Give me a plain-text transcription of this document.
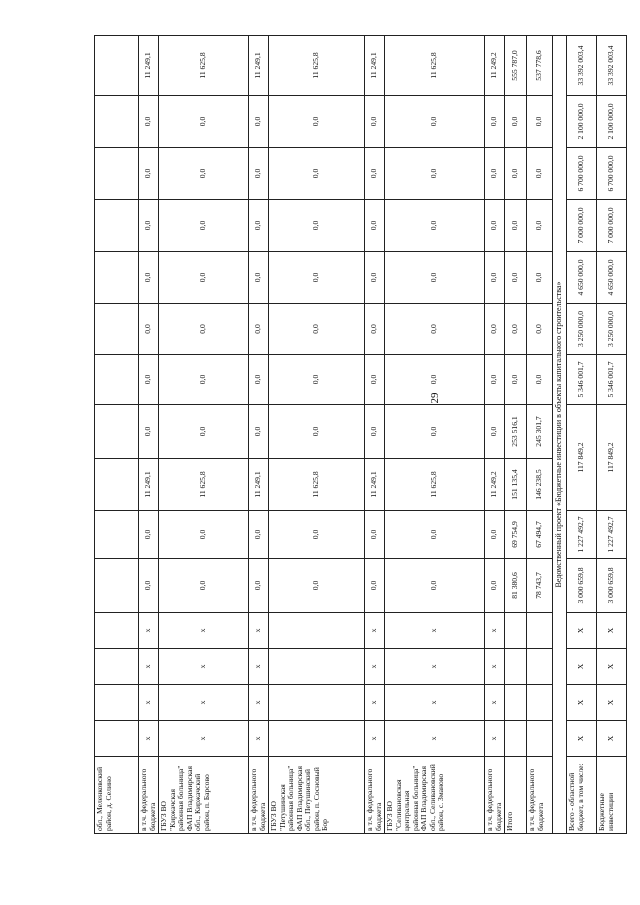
29
обл., Меленковский район, д. Селино															
в т.ч. федерального бюджета	х	х	х	х	0,0	0,0	11 249,1	0,0	0,0	0,0	0,0	0,0	0,0	0,0	11 249,1
ГБУЗ ВО "Киржачская районная больница" ФАП Владимирская обл., Киржачский район, п. Барсово	х	х	х	х	0,0	0,0	11 625,8	0,0	0,0	0,0	0,0	0,0	0,0	0,0	11 625,8
в т.ч. федерального бюджета	х	х	х	х	0,0	0,0	11 249,1	0,0	0,0	0,0	0,0	0,0	0,0	0,0	11 249,1
ГБУЗ ВО "Петушинская районная больница" ФАП Владимирская обл., Петушинский район, п. Сосновый Бор					0,0	0,0	11 625,8	0,0	0,0	0,0	0,0	0,0	0,0	0,0	11 625,8
в т.ч. федерального бюджета	х	х	х	х	0,0	0,0	11 249,1	0,0	0,0	0,0	0,0	0,0	0,0	0,0	11 249,1
ГБУЗ ВО "Селивановская центральная районная больница" ФАП Владимирская обл., Селивановский район, с. Зманово	х	х	х	х	0,0	0,0	11 625,8	0,0	0,0	0,0	0,0	0,0	0,0	0,0	11 625,8
в т.ч. федерального бюджета	х	х	х	х	0,0	0,0	11 249,2	0,0	0,0	0,0	0,0	0,0	0,0	0,0	11 249,2
Итого					81 380,6	69 754,9	151 135,4	253 516,1	0,0	0,0	0,0	0,0	0,0	0,0	555 787,0
в т.ч. федерального бюджета					78 743,7	67 494,7	146 238,5	245 301,7	0,0	0,0	0,0	0,0	0,0	0,0	537 778,6
Ведомственный проект «Бюджетные инвестиции в объекты капитального строительства»															
Всего - областной бюджет, в том числе:	Х	Х	Х	Х	3 000 659,8	1 227 492,7	117 849,2		5 346 001,7	3 250 000,0	4 650 000,0	7 000 000,0	6 700 000,0	2 100 000,0	33 392 003,4
Бюджетные инвестиции	Х	Х	Х	Х	3 000 659,8	1 227 492,7	117 849,2		5 346 001,7	3 250 000,0	4 650 000,0	7 000 000,0	6 700 000,0	2 100 000,0	33 392 003,4
